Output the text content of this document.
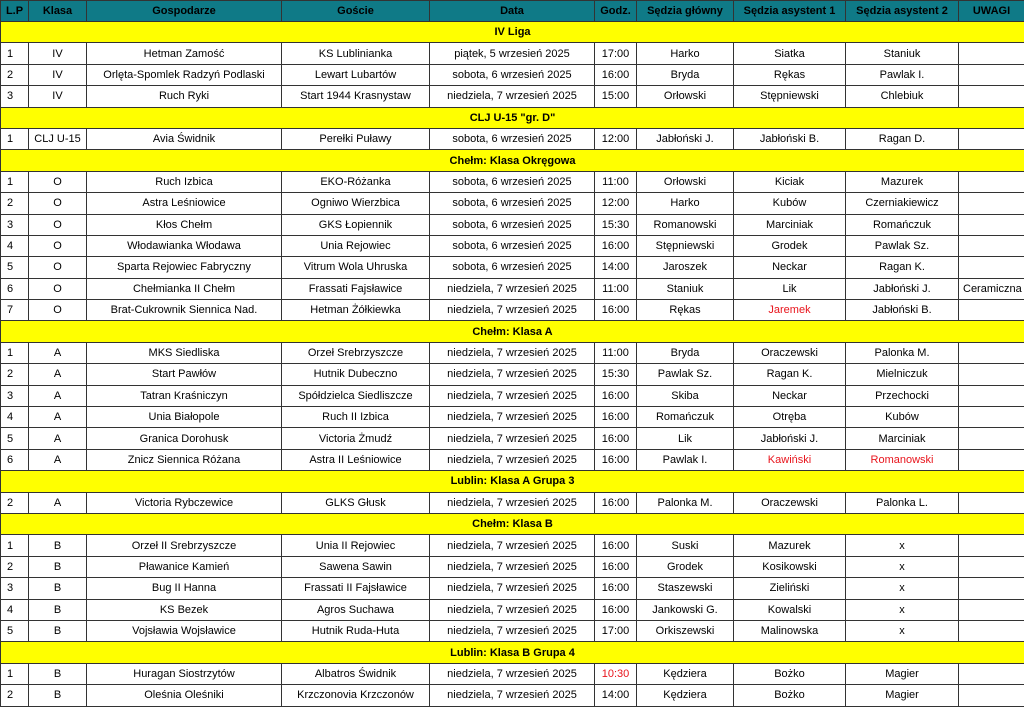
L.P	Klasa	Gospodarze	Goście	Data	Godz.	Sędzia główny	Sędzia asystent 1	Sędzia asystent 2	UWAGI
IV Liga									
1	IV	Hetman Zamość	KS Lublinianka	piątek, 5 wrzesień 2025	17:00	Harko	Siatka	Staniuk	
2	IV	Orlęta-Spomlek Radzyń Podlaski	Lewart Lubartów	sobota, 6 wrzesień 2025	16:00	Bryda	Rękas	Pawlak I.	
3	IV	Ruch Ryki	Start 1944 Krasnystaw	niedziela, 7 wrzesień 2025	15:00	Orłowski	Stępniewski	Chlebiuk	
CLJ U-15 "gr. D"									
1	CLJ U-15	Avia Świdnik	Perełki Puławy	sobota, 6 wrzesień 2025	12:00	Jabłoński J.	Jabłoński B.	Ragan D.	
Chełm: Klasa Okręgowa									
1	O	Ruch Izbica	EKO-Różanka	sobota, 6 wrzesień 2025	11:00	Orłowski	Kiciak	Mazurek	
2	O	Astra Leśniowice	Ogniwo Wierzbica	sobota, 6 wrzesień 2025	12:00	Harko	Kubów	Czerniakiewicz	
3	O	Kłos Chełm	GKS Łopiennik	sobota, 6 wrzesień 2025	15:30	Romanowski	Marciniak	Romańczuk	
4	O	Włodawianka Włodawa	Unia Rejowiec	sobota, 6 wrzesień 2025	16:00	Stępniewski	Grodek	Pawlak Sz.	
5	O	Sparta Rejowiec Fabryczny	Vitrum Wola Uhruska	sobota, 6 wrzesień 2025	14:00	Jaroszek	Neckar	Ragan K.	
6	O	Chełmianka II Chełm	Frassati Fajsławice	niedziela, 7 wrzesień 2025	11:00	Staniuk	Lik	Jabłoński J.	Ceramiczna
7	O	Brat-Cukrownik Siennica Nad.	Hetman Żółkiewka	niedziela, 7 wrzesień 2025	16:00	Rękas	Jaremek	Jabłoński B.	
Chełm: Klasa A									
1	A	MKS Siedliska	Orzeł Srebrzyszcze	niedziela, 7 wrzesień 2025	11:00	Bryda	Oraczewski	Palonka M.	
2	A	Start Pawłów	Hutnik Dubeczno	niedziela, 7 wrzesień 2025	15:30	Pawlak Sz.	Ragan K.	Mielniczuk	
3	A	Tatran Kraśniczyn	Spółdzielca Siedliszcze	niedziela, 7 wrzesień 2025	16:00	Skiba	Neckar	Przechocki	
4	A	Unia Białopole	Ruch II Izbica	niedziela, 7 wrzesień 2025	16:00	Romańczuk	Otręba	Kubów	
5	A	Granica Dorohusk	Victoria Żmudź	niedziela, 7 wrzesień 2025	16:00	Lik	Jabłoński J.	Marciniak	
6	A	Znicz Siennica Różana	Astra II Leśniowice	niedziela, 7 wrzesień 2025	16:00	Pawlak I.	Kawiński	Romanowski	
Lublin: Klasa A Grupa 3									
2	A	Victoria Rybczewice	GLKS Głusk	niedziela, 7 wrzesień 2025	16:00	Palonka M.	Oraczewski	Palonka L.	
Chełm: Klasa B									
1	B	Orzeł II Srebrzyszcze	Unia II Rejowiec	niedziela, 7 wrzesień 2025	16:00	Suski	Mazurek	x	
2	B	Pławanice Kamień	Sawena Sawin	niedziela, 7 wrzesień 2025	16:00	Grodek	Kosikowski	x	
3	B	Bug II Hanna	Frassati II Fajsławice	niedziela, 7 wrzesień 2025	16:00	Staszewski	Zieliński	x	
4	B	KS Bezek	Agros Suchawa	niedziela, 7 wrzesień 2025	16:00	Jankowski G.	Kowalski	x	
5	B	Vojsławia Wojsławice	Hutnik Ruda-Huta	niedziela, 7 wrzesień 2025	17:00	Orkiszewski	Malinowska	x	
Lublin: Klasa B Grupa 4									
1	B	Huragan Siostrzytów	Albatros Świdnik	niedziela, 7 wrzesień 2025	10:30	Kędziera	Bożko	Magier	
2	B	Oleśnia Oleśniki	Krzczonovia Krzczonów	niedziela, 7 wrzesień 2025	14:00	Kędziera	Bożko	Magier	
